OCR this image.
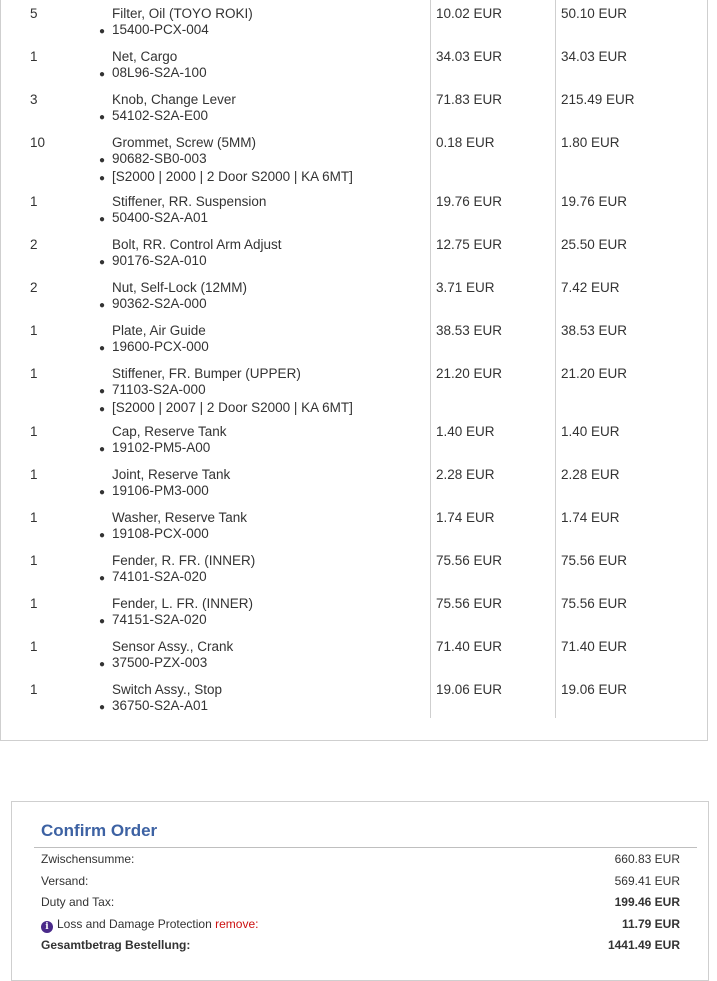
5	Filter, Oil (TOYO ROKI)
● 15400-PCX-004
10.02 EUR	50.10 EUR
1	Net, Cargo
● 08L96-S2A-100
34.03 EUR	34.03 EUR
3	Knob, Change Lever
● 54102-S2A-E00
71.83 EUR	215.49 EUR
10	Grommet, Screw (5MM)
● 90682-SB0-003
● [S2000 | 2000 | 2 Door S2000 | KA 6MT]
0.18 EUR	1.80 EUR
1	Stiffener, RR. Suspension
● 50400-S2A-A01
19.76 EUR	19.76 EUR
2	Bolt, RR. Control Arm Adjust
● 90176-S2A-010
12.75 EUR	25.50 EUR
2	Nut, Self-Lock (12MM)
● 90362-S2A-000
3.71 EUR	7.42 EUR
1	Plate, Air Guide
● 19600-PCX-000
38.53 EUR	38.53 EUR
1	Stiffener, FR. Bumper (UPPER)
● 71103-S2A-000
● [S2000 | 2007 | 2 Door S2000 | KA 6MT]
21.20 EUR	21.20 EUR
1	Cap, Reserve Tank
● 19102-PM5-A00
1.40 EUR	1.40 EUR
1	Joint, Reserve Tank
● 19106-PM3-000
2.28 EUR	2.28 EUR
1	Washer, Reserve Tank
● 19108-PCX-000
1.74 EUR	1.74 EUR
1	Fender, R. FR. (INNER)
● 74101-S2A-020
75.56 EUR	75.56 EUR
1	Fender, L. FR. (INNER)
● 74151-S2A-020
75.56 EUR	75.56 EUR
1	Sensor Assy., Crank
● 37500-PZX-003
71.40 EUR	71.40 EUR
1	Switch Assy., Stop
● 36750-S2A-A01
19.06 EUR	19.06 EUR
Confirm Order
Zwischensumme:	660.83 EUR
Versand:	569.41 EUR
Duty and Tax:	199.46 EUR
i Loss and Damage Protection remove:	11.79 EUR
Gesamtbetrag Bestellung:	1441.49 EUR
